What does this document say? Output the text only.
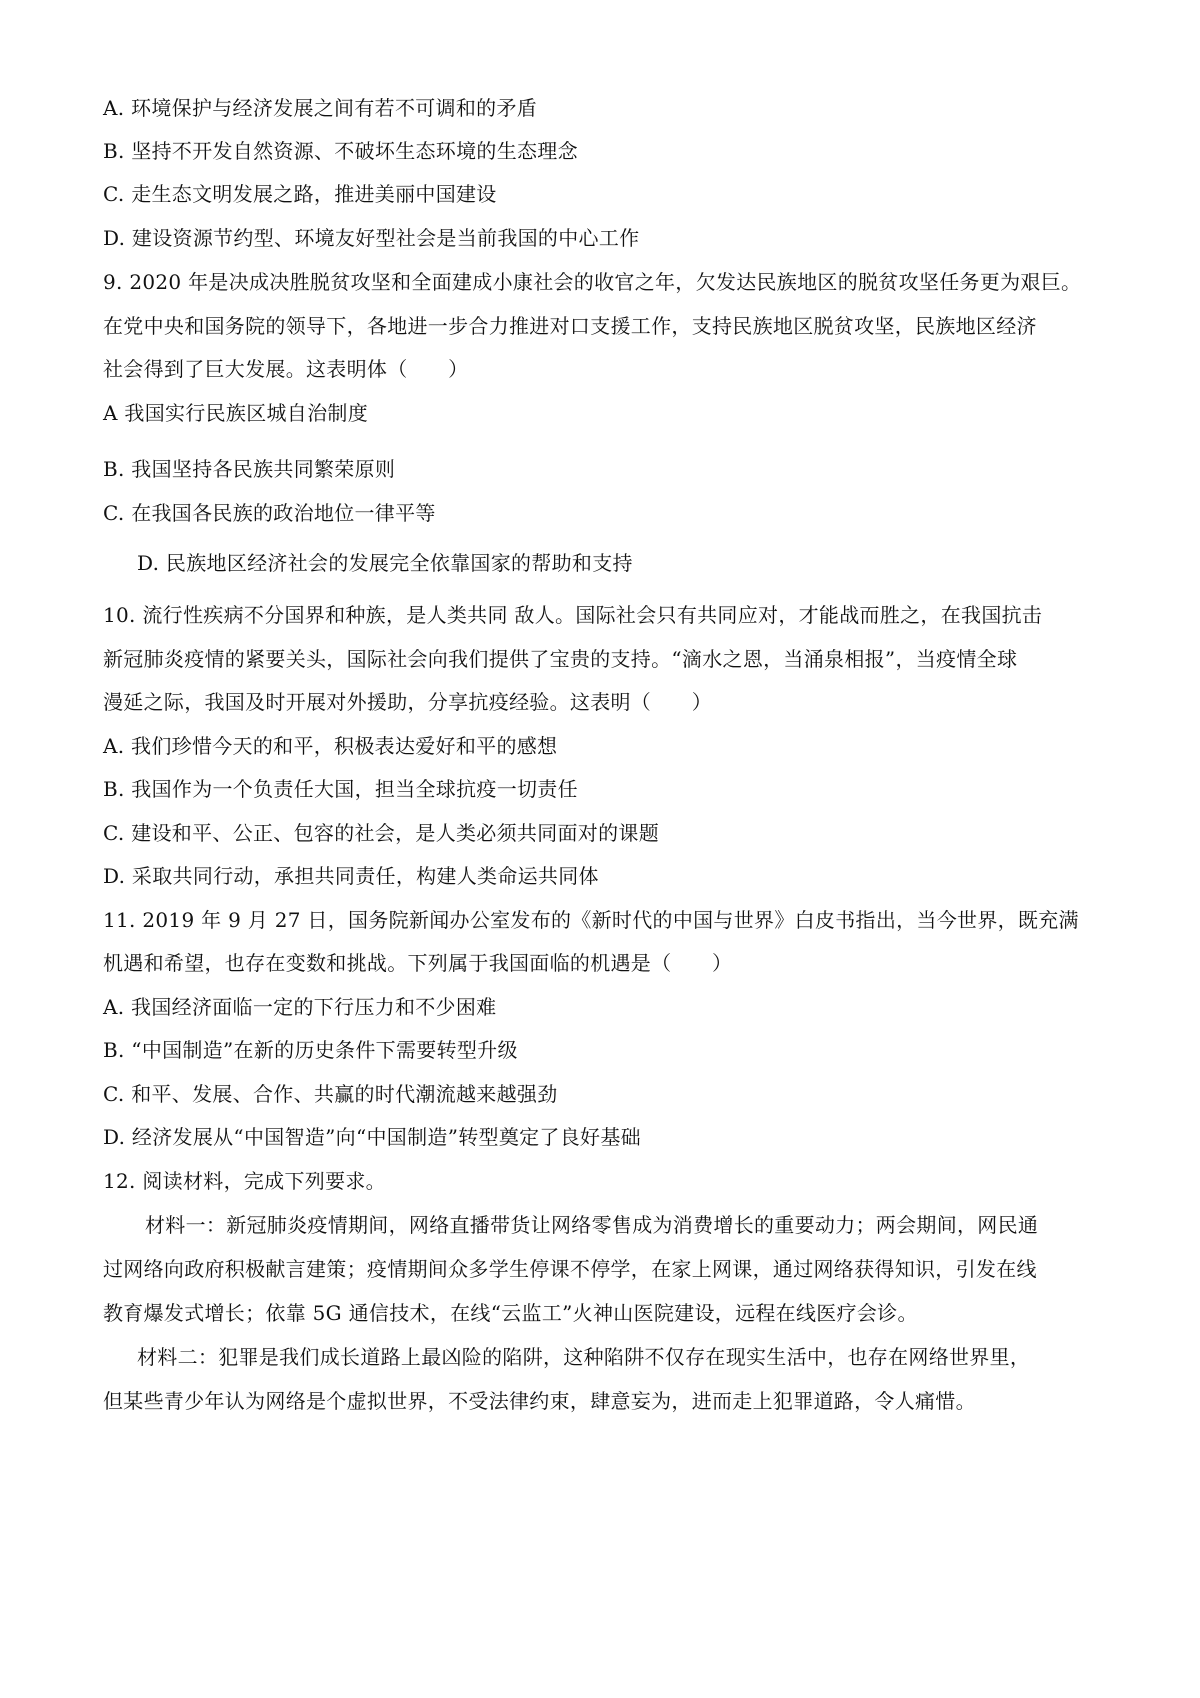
A. 环境保护与经济发展之间有若不可调和的矛盾
B. 坚持不开发自然资源、不破坏生态环境的生态理念
C. 走生态文明发展之路，推进美丽中国建设
D. 建设资源节约型、环境友好型社会是当前我国的中心工作
9. 2020 年是决成决胜脱贫攻坚和全面建成小康社会的收官之年，欠发达民族地区的脱贫攻坚任务更为艰巨。
在党中央和国务院的领导下，各地进一步合力推进对口支援工作，支持民族地区脱贫攻坚，民族地区经济
社会得到了巨大发展。这表明体（　　）
A 我国实行民族区城自治制度
B. 我国坚持各民族共同繁荣原则
C. 在我国各民族的政治地位一律平等
D. 民族地区经济社会的发展完全依靠国家的帮助和支持
10. 流行性疾病不分国界和种族，是人类共同 敌人。国际社会只有共同应对，才能战而胜之，在我国抗击
新冠肺炎疫情的紧要关头，国际社会向我们提供了宝贵的支持。“滴水之恩，当涌泉相报”，当疫情全球
漫延之际，我国及时开展对外援助，分享抗疫经验。这表明（　　）
A. 我们珍惜今天的和平，积极表达爱好和平的感想
B. 我国作为一个负责任大国，担当全球抗疫一切责任
C. 建设和平、公正、包容的社会，是人类必须共同面对的课题
D. 采取共同行动，承担共同责任，构建人类命运共同体
11. 2019 年 9 月 27 日，国务院新闻办公室发布的《新时代的中国与世界》白皮书指出，当今世界，既充满
机遇和希望，也存在变数和挑战。下列属于我国面临的机遇是（　　）
A. 我国经济面临一定的下行压力和不少困难
B. “中国制造”在新的历史条件下需要转型升级
C. 和平、发展、合作、共赢的时代潮流越来越强劲
D. 经济发展从“中国智造”向“中国制造”转型奠定了良好基础
12. 阅读材料，完成下列要求。
材料一：新冠肺炎疫情期间，网络直播带货让网络零售成为消费增长的重要动力；两会期间，网民通
过网络向政府积极献言建策；疫情期间众多学生停课不停学，在家上网课，通过网络获得知识，引发在线
教育爆发式增长；依靠 5G 通信技术，在线“云监工”火神山医院建设，远程在线医疗会诊。
材料二：犯罪是我们成长道路上最凶险的陷阱，这种陷阱不仅存在现实生活中，也存在网络世界里，
但某些青少年认为网络是个虚拟世界，不受法律约束，肆意妄为，进而走上犯罪道路，令人痛惜。
